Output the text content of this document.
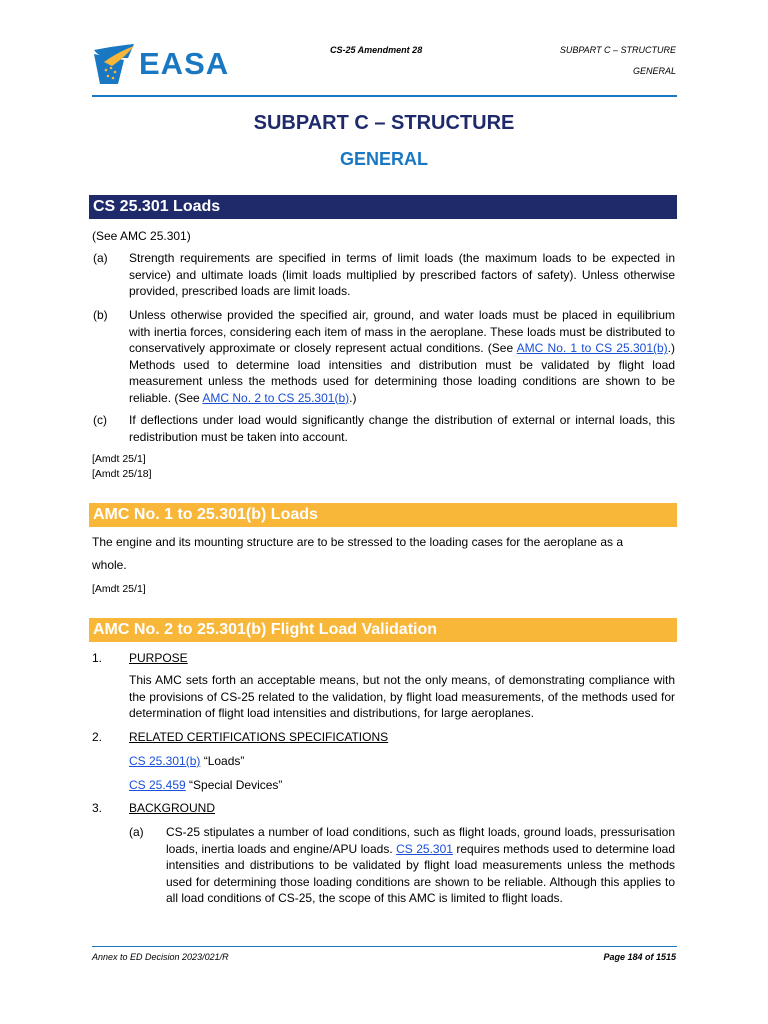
EASA	CS-25 Amendment 28	SUBPART C – STRUCTURE
GENERAL
SUBPART C – STRUCTURE
GENERAL
CS 25.301 Loads
(See AMC 25.301)
(a) Strength requirements are specified in terms of limit loads (the maximum loads to be expected in service) and ultimate loads (limit loads multiplied by prescribed factors of safety). Unless otherwise provided, prescribed loads are limit loads.
(b) Unless otherwise provided the specified air, ground, and water loads must be placed in equilibrium with inertia forces, considering each item of mass in the aeroplane. These loads must be distributed to conservatively approximate or closely represent actual conditions. (See AMC No. 1 to CS 25.301(b).) Methods used to determine load intensities and distribution must be validated by flight load measurement unless the methods used for determining those loading conditions are shown to be reliable. (See AMC No. 2 to CS 25.301(b).)
(c) If deflections under load would significantly change the distribution of external or internal loads, this redistribution must be taken into account.
[Amdt 25/1]
[Amdt 25/18]
AMC No. 1 to 25.301(b) Loads
The engine and its mounting structure are to be stressed to the loading cases for the aeroplane as a
whole.
[Amdt 25/1]
AMC No. 2 to 25.301(b) Flight Load Validation
1. PURPOSE
This AMC sets forth an acceptable means, but not the only means, of demonstrating compliance with the provisions of CS-25 related to the validation, by flight load measurements, of the methods used for determination of flight load intensities and distributions, for large aeroplanes.
2. RELATED CERTIFICATIONS SPECIFICATIONS
CS 25.301(b) “Loads”
CS 25.459 “Special Devices”
3. BACKGROUND
(a) CS-25 stipulates a number of load conditions, such as flight loads, ground loads, pressurisation loads, inertia loads and engine/APU loads. CS 25.301 requires methods used to determine load intensities and distributions to be validated by flight load measurements unless the methods used for determining those loading conditions are shown to be reliable. Although this applies to all load conditions of CS-25, the scope of this AMC is limited to flight loads.
Annex to ED Decision 2023/021/R	Page 184 of 1515
